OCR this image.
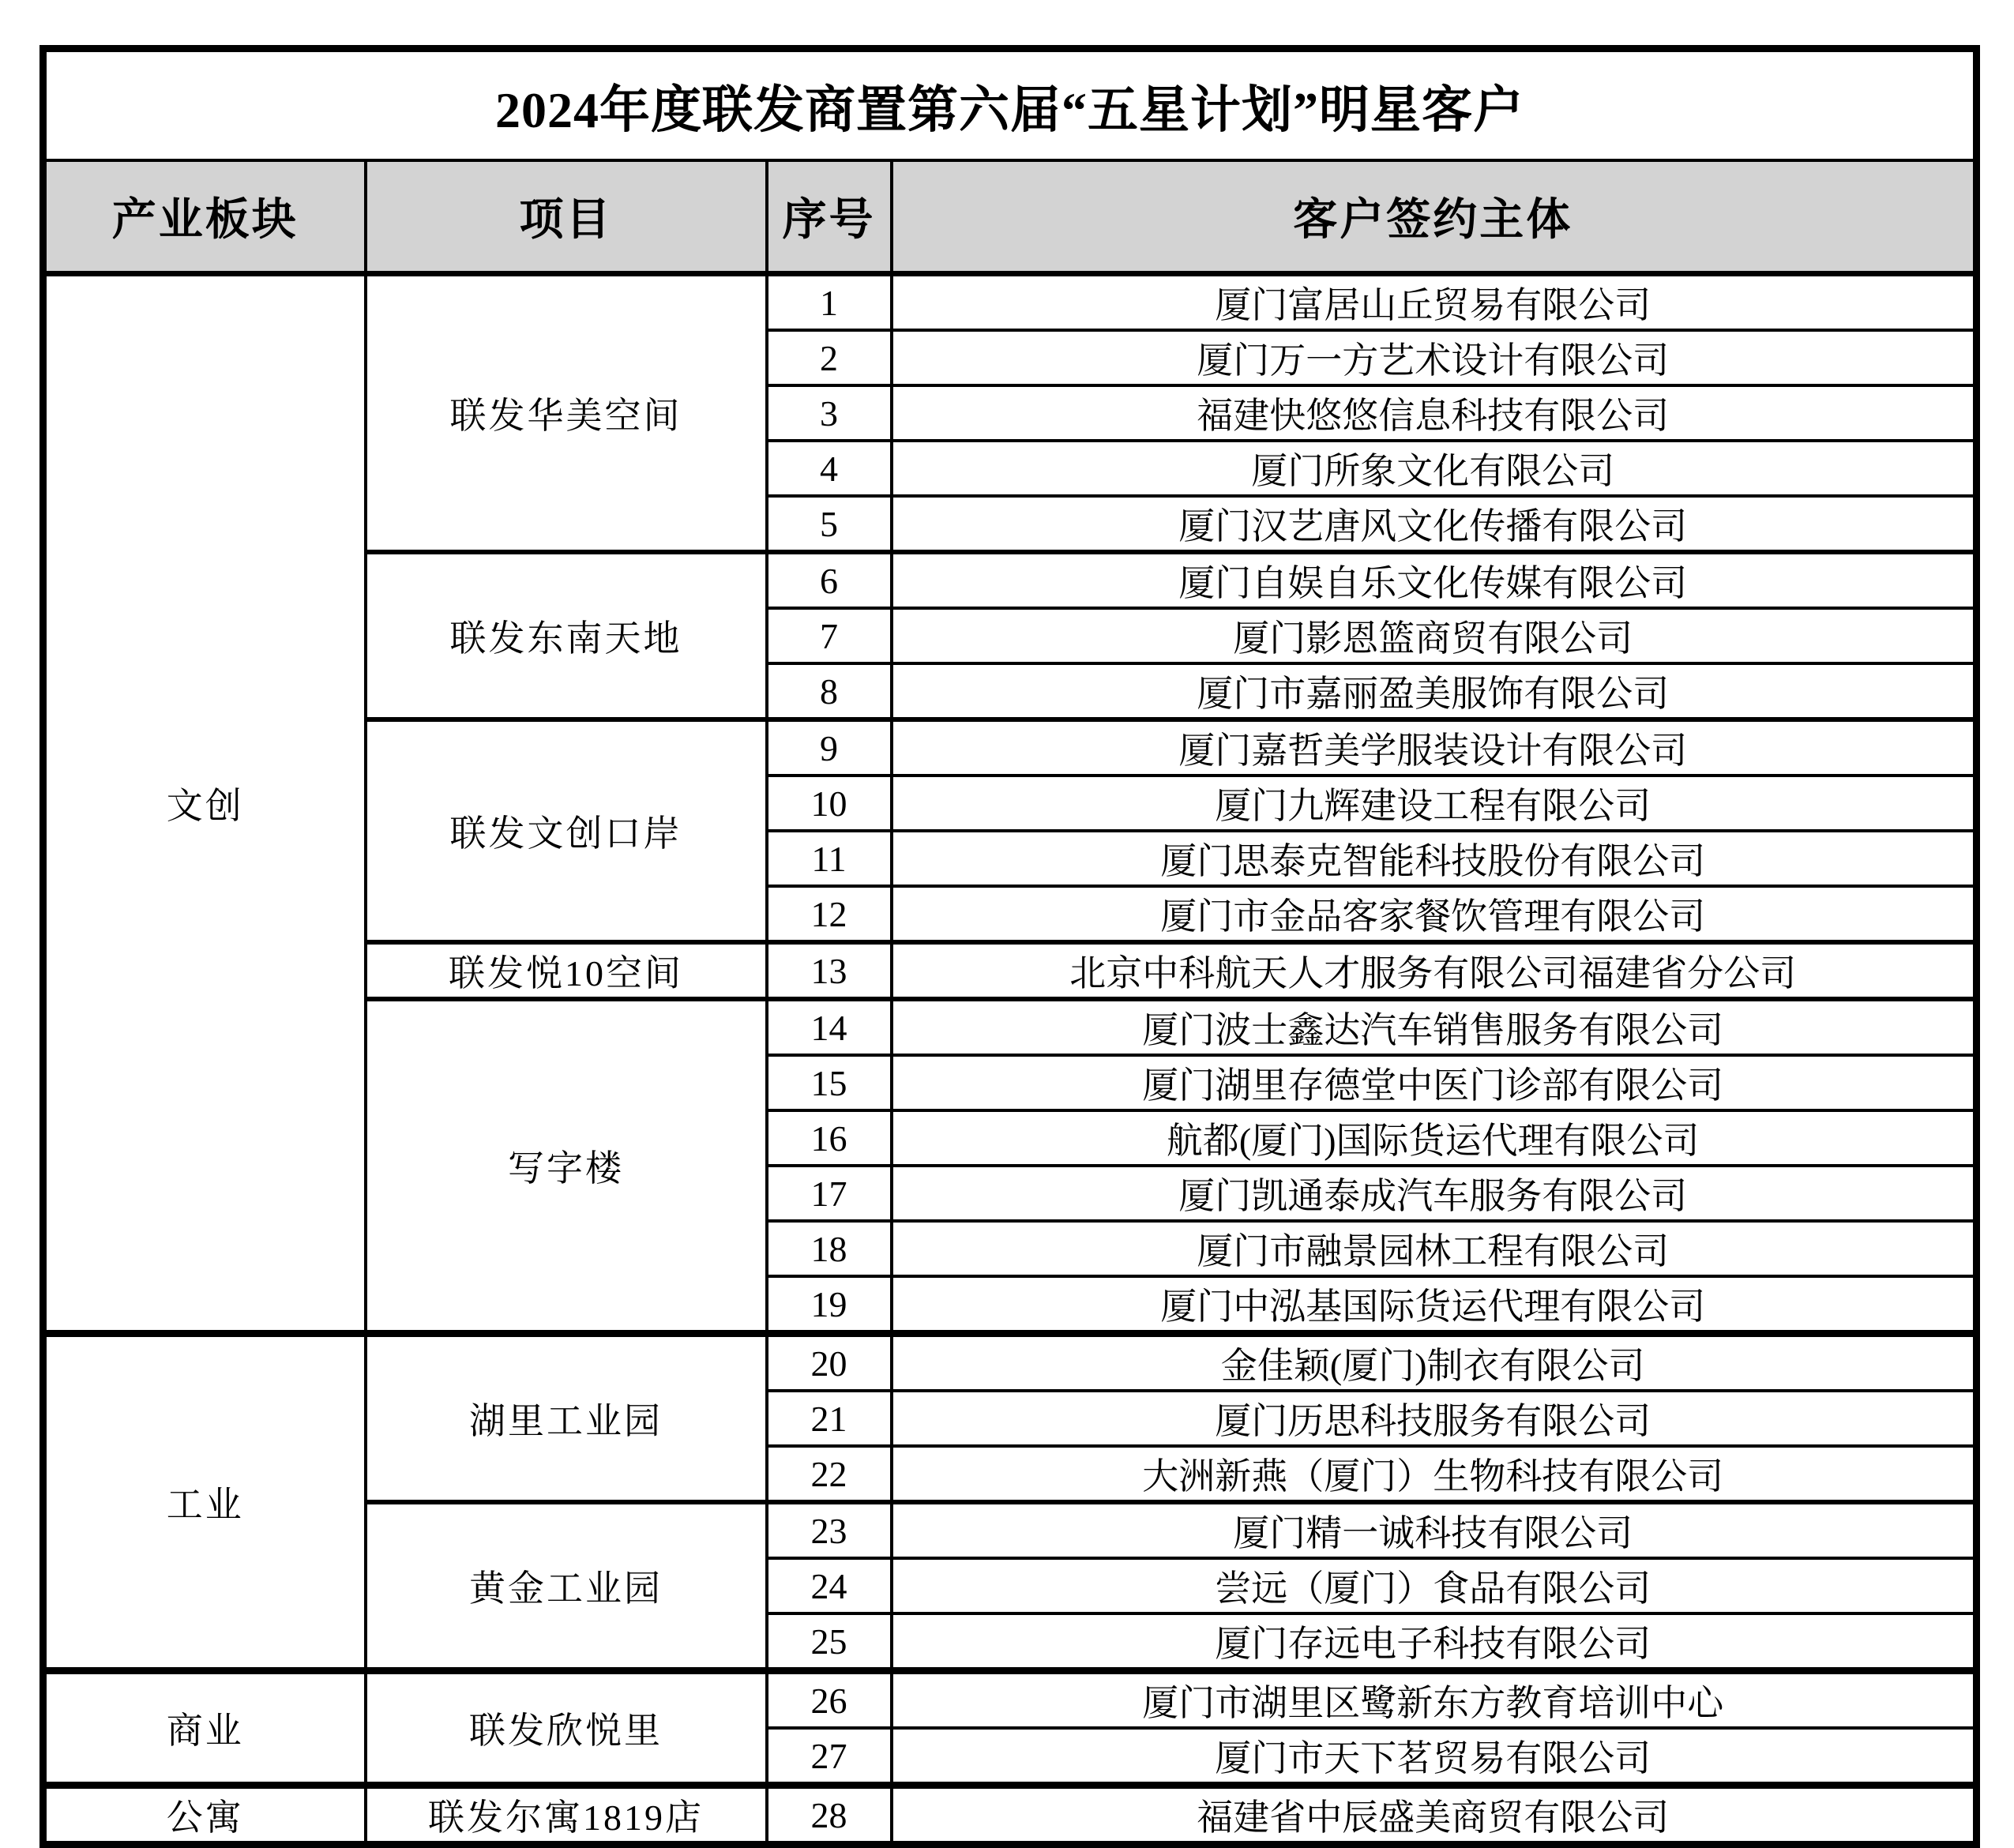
2024年度联发商置第六届“五星计划”明星客户			
产业板块	项目	序号	客户签约主体
文创	联发华美空间	1	厦门富居山丘贸易有限公司
		2	厦门万一方艺术设计有限公司
		3	福建快悠悠信息科技有限公司
		4	厦门所象文化有限公司
		5	厦门汉艺唐风文化传播有限公司
	联发东南天地	6	厦门自娱自乐文化传媒有限公司
		7	厦门影恩篮商贸有限公司
		8	厦门市嘉丽盈美服饰有限公司
	联发文创口岸	9	厦门嘉哲美学服装设计有限公司
		10	厦门九辉建设工程有限公司
		11	厦门思泰克智能科技股份有限公司
		12	厦门市金品客家餐饮管理有限公司
	联发悦10空间	13	北京中科航天人才服务有限公司福建省分公司
	写字楼	14	厦门波士鑫达汽车销售服务有限公司
		15	厦门湖里存德堂中医门诊部有限公司
		16	航都(厦门)国际货运代理有限公司
		17	厦门凯通泰成汽车服务有限公司
		18	厦门市融景园林工程有限公司
		19	厦门中泓基国际货运代理有限公司
工业	湖里工业园	20	金佳颖(厦门)制衣有限公司
		21	厦门历思科技服务有限公司
		22	大洲新燕（厦门）生物科技有限公司
	黄金工业园	23	厦门精一诚科技有限公司
		24	尝远（厦门）食品有限公司
		25	厦门存远电子科技有限公司
商业	联发欣悦里	26	厦门市湖里区鹭新东方教育培训中心
		27	厦门市天下茗贸易有限公司
公寓	联发尔寓1819店	28	福建省中辰盛美商贸有限公司
